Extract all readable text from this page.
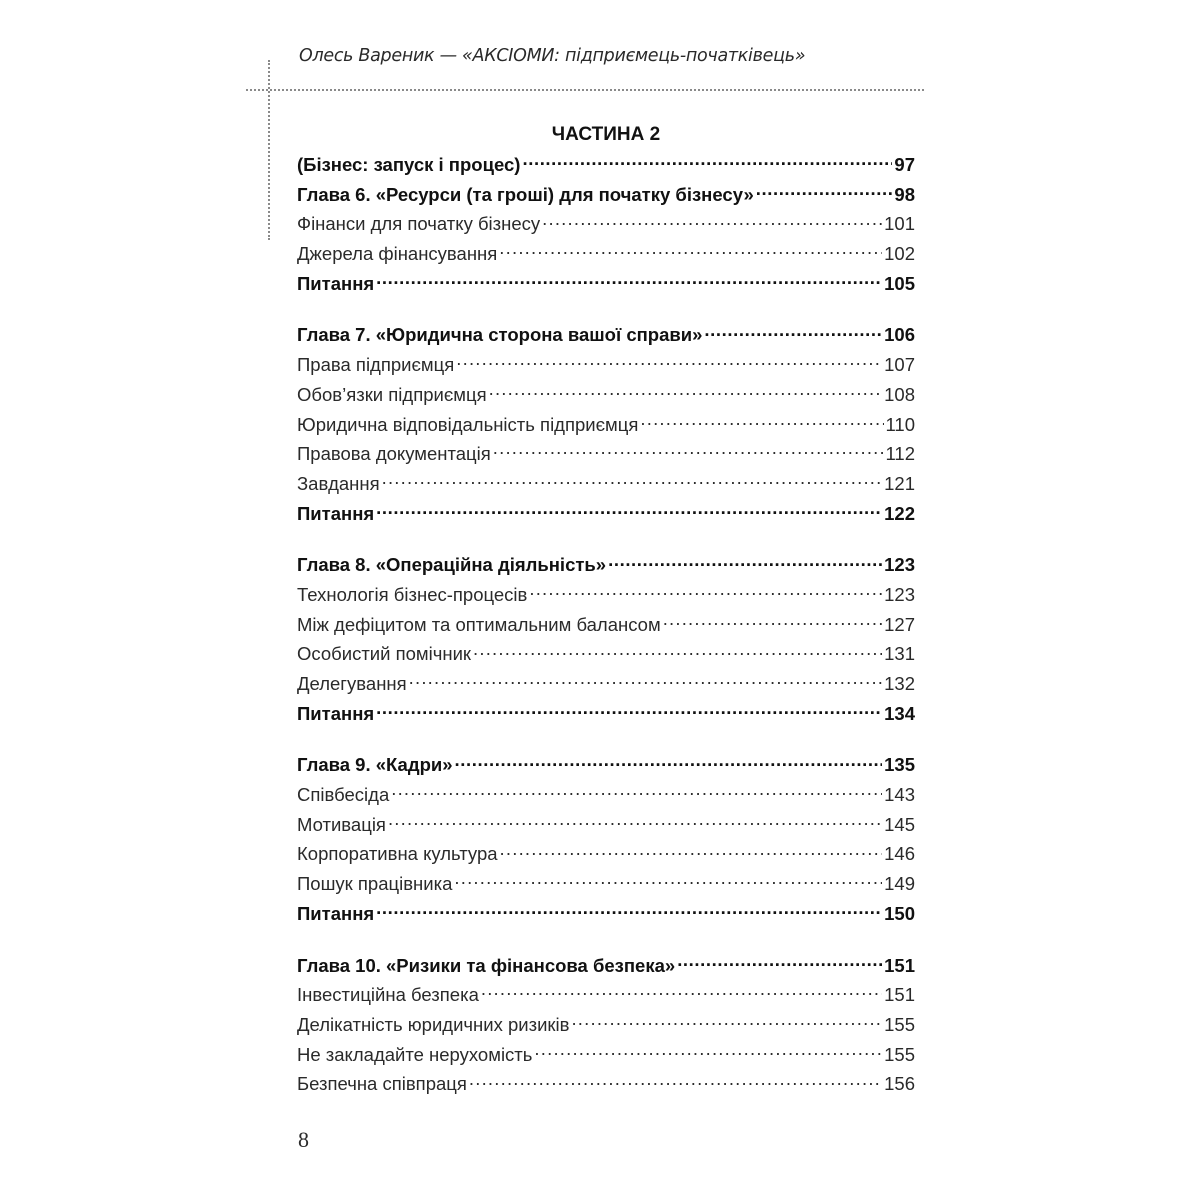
Олесь Вареник — «АКСІОМИ: підприємець-початківець»
ЧАСТИНА 2
(Бізнес: запуск і процес) .....	97
Глава 6. «Ресурси (та гроші) для початку бізнесу» .....	98
Фінанси для початку бізнесу .....	101
Джерела фінансування .....	102
Питання .....	105
Глава 7. «Юридична сторона вашої справи» .....	106
Права підприємця .....	107
Обов’язки підприємця .....	108
Юридична відповідальність підприємця .....	110
Правова документація .....	112
Завдання .....	121
Питання .....	122
Глава 8. «Операційна діяльність» .....	123
Технологія бізнес-процесів .....	123
Між дефіцитом та оптимальним балансом .....	127
Особистий помічник .....	131
Делегування .....	132
Питання .....	134
Глава 9. «Кадри» .....	135
Співбесіда .....	143
Мотивація .....	145
Корпоративна культура .....	146
Пошук працівника .....	149
Питання .....	150
Глава 10. «Ризики та фінансова безпека» .....	151
Інвестиційна безпека .....	151
Делікатність юридичних ризиків .....	155
Не закладайте нерухомість .....	155
Безпечна співпраця .....	156
8
